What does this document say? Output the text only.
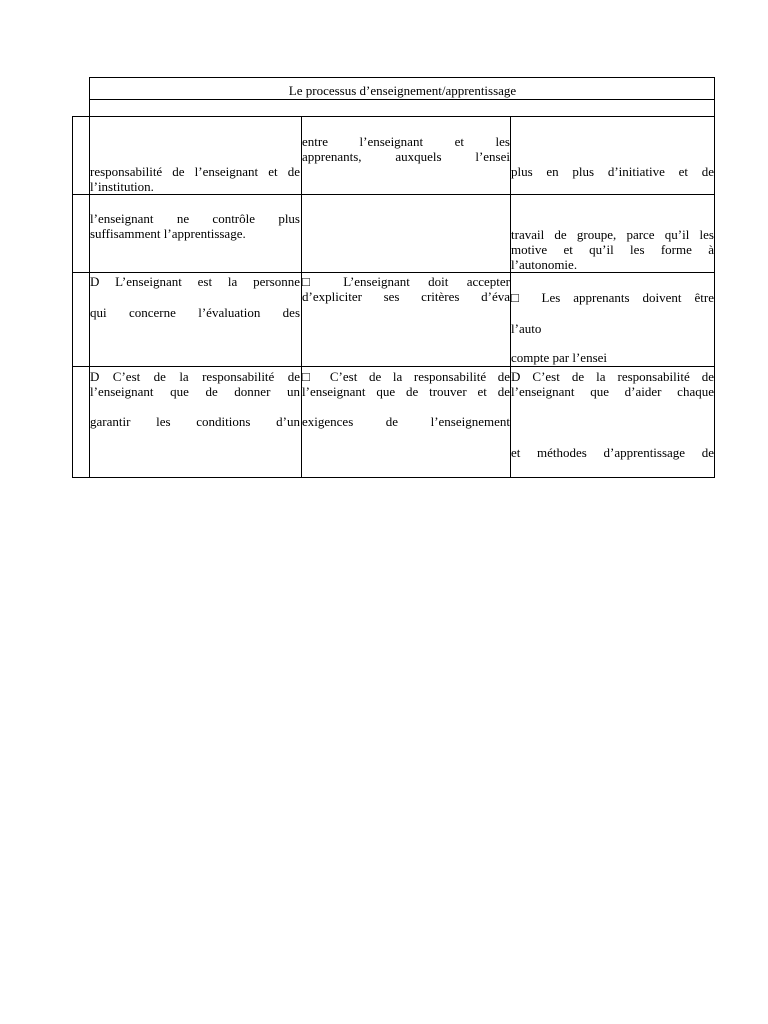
Le processus d’enseignement/apprentissage

responsabilité de l’enseignant et de

l’institution.

entre l’enseignant et les

apprenants, auxquels l’ensei

plus en plus d’initiative et de

l’enseignant ne contrôle plus

suffisamment l’apprentissage.	travail de groupe, parce qu’il les

motive et qu’il les forme à

l’autonomie.

D L’enseignant est la personne

qui concerne l’évaluation des

□ L’enseignant doit accepter

d’expliciter ses critères d’éva □ Les apprenants doivent être

l’auto

compte par l’ensei

D C’est de la responsabilité de

l’enseignant que de donner un

garantir les conditions d’un

□ C’est de la responsabilité de

l’enseignant que de trouver et de

exigences de l’enseignement

D C’est de la responsabilité de

l’enseignant que d’aider chaque

et méthodes d’apprentissage de
